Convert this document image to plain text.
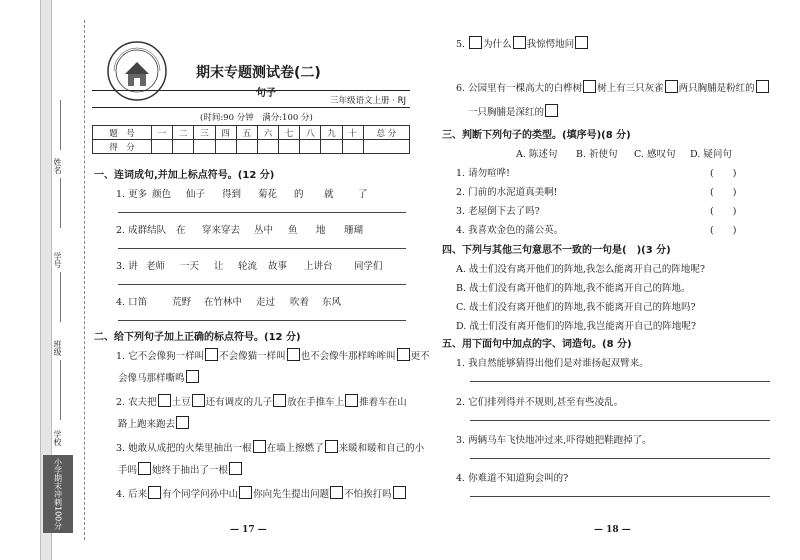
姓名
学号
班级
学校
小学期末冲刺100分
期末专题测试卷(二)
句子
三年级语文上册 · RJ
(时间:90 分钟　满分:100 分)
题　号	一	二	三	四	五	六	七	八	九	十	总 分
得　分											
一、连词成句,并加上标点符号。(12 分)
1. 更多 颜色 仙子 得到 菊花 的 就	了
2. 成群结队 在 穿来穿去 丛中 鱼 地 珊瑚
3. 讲 老师 一天 让 轮流 故事 上讲台 同学们
4. 口笛	荒野 在竹林中 走过 吹着 东风
二、给下列句子加上正确的标点符号。(12 分)
1. 它不会像狗一样叫 不会像猫一样叫 也不会像牛那样哞哞叫 更不
会像马那样嘶鸣
2. 农夫把 土豆 还有调皮的儿子 放在手推车上 推着车在山
路上跑来跑去
3. 她敢从成把的火柴里抽出一根 在墙上擦燃了 来暖和暖和自己的小
手吗 她终于抽出了一根
4. 后来 有个同学问孙中山 你向先生提出问题 不怕挨打吗
— 17 —
5. 为什么 我惊愕地问
6. 公园里有一棵高大的白桦树 树上有三只灰雀 两只胸脯是粉红的
一只胸脯是深红的
三、判断下列句子的类型。(填序号)(8 分)
A. 陈述句 B. 祈使句 C. 感叹句 D. 疑问句
1. 请勿喧哗!	(　　)
2. 门前的水泥道真美啊!	(　　)
3. 老屋倒下去了吗?	(　　)
4. 我喜欢金色的蒲公英。	(　　)
四、下列与其他三句意思不一致的一句是(　)(3 分)
A. 战士们没有离开他们的阵地,我怎么能离开自己的阵地呢?
B. 战士们没有离开他们的阵地,我不能离开自己的阵地。
C. 战士们没有离开他们的阵地,我不能离开自己的阵地吗?
D. 战士们没有离开他们的阵地,我岂能离开自己的阵地呢?
五、用下面句中加点的字、词造句。(8 分)
1. 我自然能够猜得出他们是对谁扬起双臂来。
2. 它们排列得并不规则,甚至有些凌乱。
3. 两辆马车飞快地冲过来,吓得她把鞋跑掉了。
4. 你难道不知道狗会叫的?
— 18 —
